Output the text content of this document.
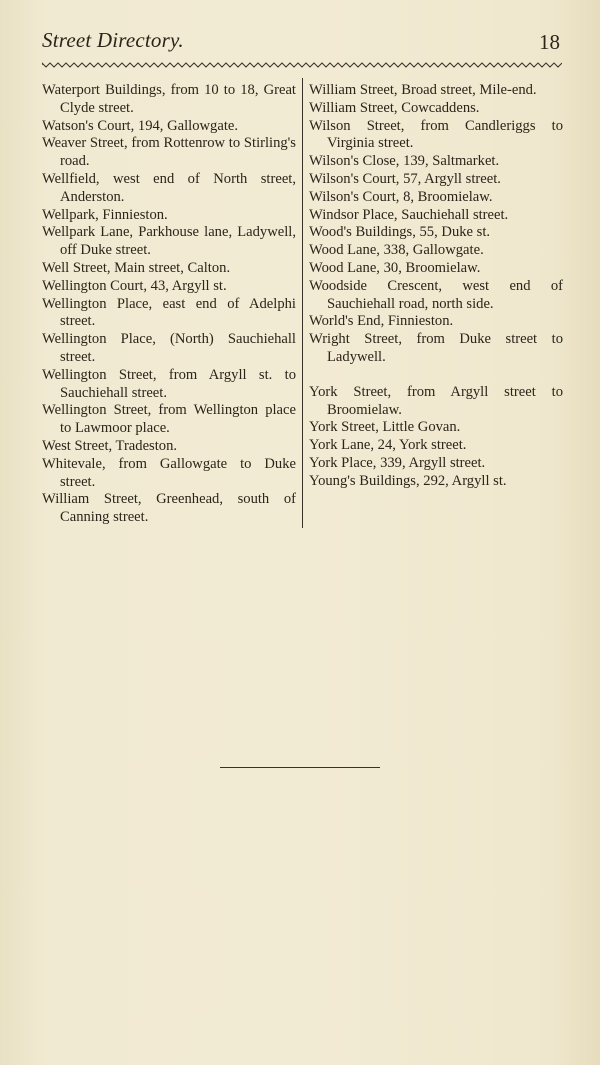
Street Directory.	18
Waterport Buildings, from 10 to 18, Great Clyde street.
Watson's Court, 194, Gallowgate.
Weaver Street, from Rottenrow to Stirling's road.
Wellfield, west end of North street, Anderston.
Wellpark, Finnieston.
Wellpark Lane, Parkhouse lane, Ladywell, off Duke street.
Well Street, Main street, Calton.
Wellington Court, 43, Argyll st.
Wellington Place, east end of Adelphi street.
Wellington Place, (North) Sauchiehall street.
Wellington Street, from Argyll st. to Sauchiehall street.
Wellington Street, from Wellington place to Lawmoor place.
West Street, Tradeston.
Whitevale, from Gallowgate to Duke street.
William Street, Greenhead, south of Canning street.
William Street, Broad street, Mile-end.
William Street, Cowcaddens.
Wilson Street, from Candleriggs to Virginia street.
Wilson's Close, 139, Saltmarket.
Wilson's Court, 57, Argyll street.
Wilson's Court, 8, Broomielaw.
Windsor Place, Sauchiehall street.
Wood's Buildings, 55, Duke st.
Wood Lane, 338, Gallowgate.
Wood Lane, 30, Broomielaw.
Woodside Crescent, west end of Sauchiehall road, north side.
World's End, Finnieston.
Wright Street, from Duke street to Ladywell.
York Street, from Argyll street to Broomielaw.
York Street, Little Govan.
York Lane, 24, York street.
York Place, 339, Argyll street.
Young's Buildings, 292, Argyll st.
